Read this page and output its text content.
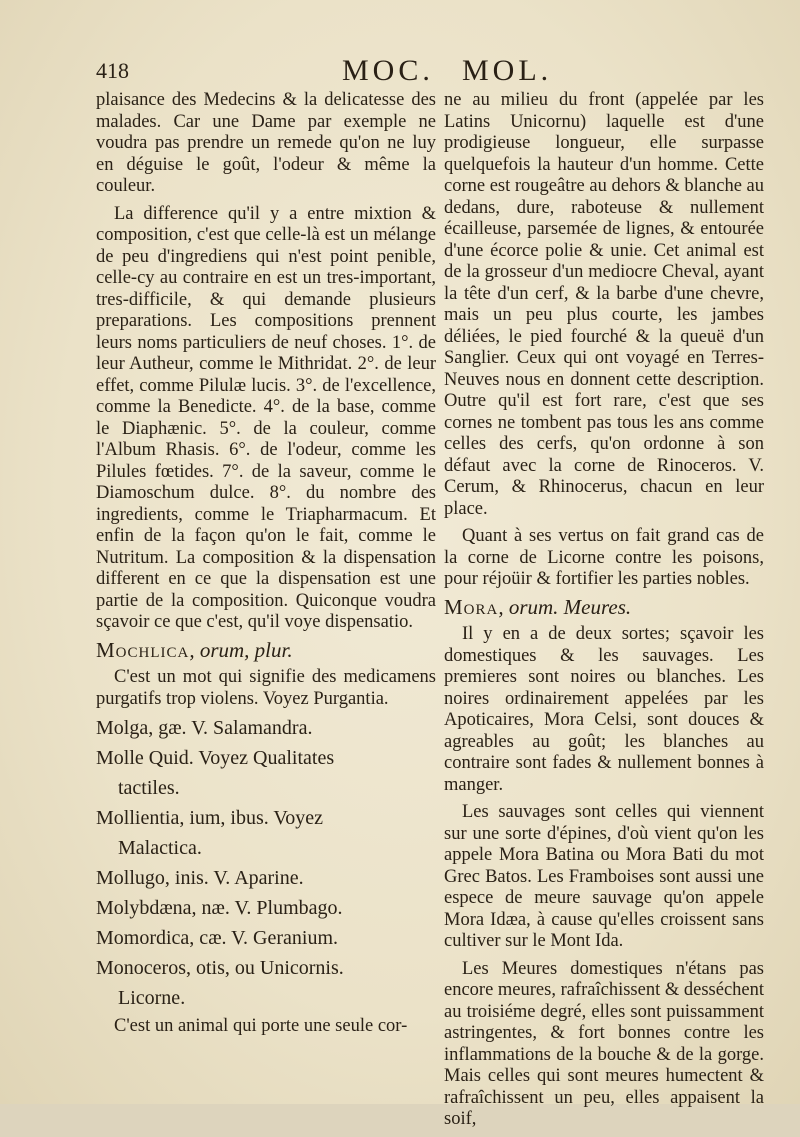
418	MOC. MOL.

plaisance des Medecins & la delicatesse des malades. Car une Dame par exemple ne voudra pas prendre un remede qu'on ne luy en déguise le goût, l'odeur & même la couleur.

La difference qu'il y a entre mixtion & composition, c'est que celle-là est un mélange de peu d'ingrediens qui n'est point penible, celle-cy au contraire en est un tres-important, tres-difficile, & qui demande plusieurs preparations. Les compositions prennent leurs noms particuliers de neuf choses. 1°. de leur Autheur, comme le Mithridat. 2°. de leur effet, comme Pilulæ lucis. 3°. de l'excellence, comme la Benedicte. 4°. de la base, comme le Diaphænic. 5°. de la couleur, comme l'Album Rhasis. 6°. de l'odeur, comme les Pilules fœtides. 7°. de la saveur, comme le Diamoschum dulce. 8°. du nombre des ingredients, comme le Triapharmacum. Et enfin de la façon qu'on le fait, comme le Nutritum. La composition & la dispensation different en ce que la dispensation est une partie de la composition. Quiconque voudra sçavoir ce que c'est, qu'il voye dispensatio.

Mochlica, orum, plur.

C'est un mot qui signifie des medicamens purgatifs trop violens. Voyez Purgantia.

Molga, gæ. V. Salamandra.

Molle Quid. Voyez Qualitates

tactiles.

Mollientia, ium, ibus. Voyez

Malactica.

Mollugo, inis. V. Aparine.

Molybdæna, næ. V. Plumbago.

Momordica, cæ. V. Geranium.

Monoceros, otis, ou Unicornis.

Licorne.

C'est un animal qui porte une seule cor-

ne au milieu du front (appelée par les Latins Unicornu) laquelle est d'une prodigieuse longueur, elle surpasse quelquefois la hauteur d'un homme. Cette corne est rougeâtre au dehors & blanche au dedans, dure, raboteuse & nullement écailleuse, parsemée de lignes, & entourée d'une écorce polie & unie. Cet animal est de la grosseur d'un mediocre Cheval, ayant la tête d'un cerf, & la barbe d'une chevre, mais un peu plus courte, les jambes déliées, le pied fourché & la queuë d'un Sanglier. Ceux qui ont voyagé en Terres-Neuves nous en donnent cette description. Outre qu'il est fort rare, c'est que ses cornes ne tombent pas tous les ans comme celles des cerfs, qu'on ordonne à son défaut avec la corne de Rinoceros. V. Cerum, & Rhinocerus, chacun en leur place.

Quant à ses vertus on fait grand cas de la corne de Licorne contre les poisons, pour réjoüir & fortifier les parties nobles.

Mora, orum. Meures.

Il y en a de deux sortes; sçavoir les domestiques & les sauvages. Les premieres sont noires ou blanches. Les noires ordinairement appelées par les Apoticaires, Mora Celsi, sont douces & agreables au goût; les blanches au contraire sont fades & nullement bonnes à manger.

Les sauvages sont celles qui viennent sur une sorte d'épines, d'où vient qu'on les appele Mora Batina ou Mora Bati du mot Grec Batos. Les Framboises sont aussi une espece de meure sauvage qu'on appele Mora Idæa, à cause qu'elles croissent sans cultiver sur le Mont Ida.

Les Meures domestiques n'étans pas encore meures, rafraîchissent & desséchent au troisiéme degré, elles sont puissamment astringentes, & fort bonnes contre les inflammations de la bouche & de la gorge. Mais celles qui sont meures humectent & rafraîchissent un peu, elles appaisent la soif,
